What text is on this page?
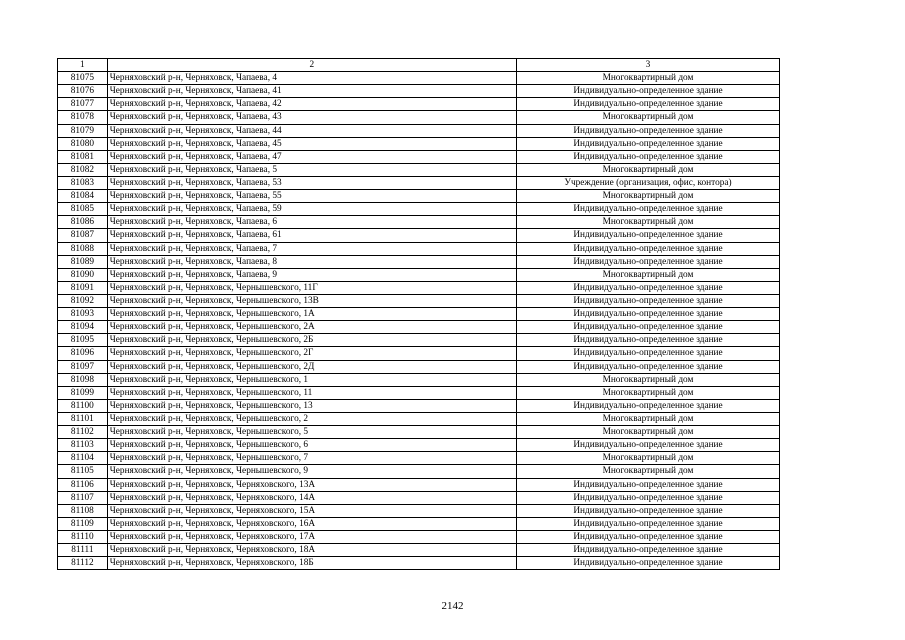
1	2	3
81075	Черняховский р-н, Черняховск, Чапаева, 4	Многоквартирный дом
81076	Черняховский р-н, Черняховск, Чапаева, 41	Индивидуально-определенное здание
81077	Черняховский р-н, Черняховск, Чапаева, 42	Индивидуально-определенное здание
81078	Черняховский р-н, Черняховск, Чапаева, 43	Многоквартирный дом
81079	Черняховский р-н, Черняховск, Чапаева, 44	Индивидуально-определенное здание
81080	Черняховский р-н, Черняховск, Чапаева, 45	Индивидуально-определенное здание
81081	Черняховский р-н, Черняховск, Чапаева, 47	Индивидуально-определенное здание
81082	Черняховский р-н, Черняховск, Чапаева, 5	Многоквартирный дом
81083	Черняховский р-н, Черняховск, Чапаева, 53	Учреждение (организация, офис, контора)
81084	Черняховский р-н, Черняховск, Чапаева, 55	Многоквартирный дом
81085	Черняховский р-н, Черняховск, Чапаева, 59	Индивидуально-определенное здание
81086	Черняховский р-н, Черняховск, Чапаева, 6	Многоквартирный дом
81087	Черняховский р-н, Черняховск, Чапаева, 61	Индивидуально-определенное здание
81088	Черняховский р-н, Черняховск, Чапаева, 7	Индивидуально-определенное здание
81089	Черняховский р-н, Черняховск, Чапаева, 8	Индивидуально-определенное здание
81090	Черняховский р-н, Черняховск, Чапаева, 9	Многоквартирный дом
81091	Черняховский р-н, Черняховск, Чернышевского, 11Г	Индивидуально-определенное здание
81092	Черняховский р-н, Черняховск, Чернышевского, 13В	Индивидуально-определенное здание
81093	Черняховский р-н, Черняховск, Чернышевского, 1А	Индивидуально-определенное здание
81094	Черняховский р-н, Черняховск, Чернышевского, 2А	Индивидуально-определенное здание
81095	Черняховский р-н, Черняховск, Чернышевского, 2Б	Индивидуально-определенное здание
81096	Черняховский р-н, Черняховск, Чернышевского, 2Г	Индивидуально-определенное здание
81097	Черняховский р-н, Черняховск, Чернышевского, 2Д	Индивидуально-определенное здание
81098	Черняховский р-н, Черняховск, Чернышевского, 1	Многоквартирный дом
81099	Черняховский р-н, Черняховск, Чернышевского, 11	Многоквартирный дом
81100	Черняховский р-н, Черняховск, Чернышевского, 13	Индивидуально-определенное здание
81101	Черняховский р-н, Черняховск, Чернышевского, 2	Многоквартирный дом
81102	Черняховский р-н, Черняховск, Чернышевского, 5	Многоквартирный дом
81103	Черняховский р-н, Черняховск, Чернышевского, 6	Индивидуально-определенное здание
81104	Черняховский р-н, Черняховск, Чернышевского, 7	Многоквартирный дом
81105	Черняховский р-н, Черняховск, Чернышевского, 9	Многоквартирный дом
81106	Черняховский р-н, Черняховск, Черняховского, 13А	Индивидуально-определенное здание
81107	Черняховский р-н, Черняховск, Черняховского, 14А	Индивидуально-определенное здание
81108	Черняховский р-н, Черняховск, Черняховского, 15А	Индивидуально-определенное здание
81109	Черняховский р-н, Черняховск, Черняховского, 16А	Индивидуально-определенное здание
81110	Черняховский р-н, Черняховск, Черняховского, 17А	Индивидуально-определенное здание
81111	Черняховский р-н, Черняховск, Черняховского, 18А	Индивидуально-определенное здание
81112	Черняховский р-н, Черняховск, Черняховского, 18Б	Индивидуально-определенное здание
2142
